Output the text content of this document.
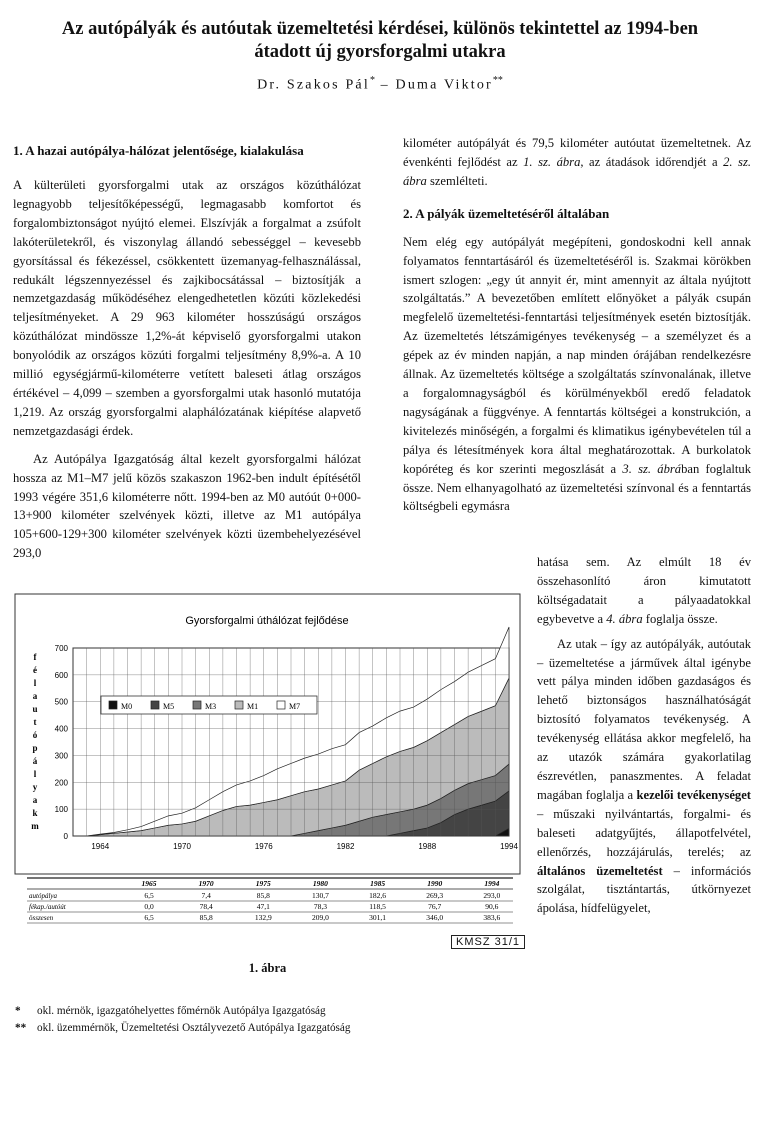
Az autópályák és autóutak üzemeltetési kérdései, különös tekintettel az 1994-ben
átadott új gyorsforgalmi utakra
Dr. Szakos Pál* – Duma Viktor**
1. A hazai autópálya-hálózat jelentősége, kialakulása

A külterületi gyorsforgalmi utak az országos közúthálózat legnagyobb teljesítőképességű, legmagasabb komfortot és forgalombiztonságot nyújtó elemei. Elszívják a forgalmat a zsúfolt lakóterületekről, és viszonylag állandó sebességgel – kevesebb gyorsítással és fékezéssel, csökkentett üzemanyag-felhasználással, redukált légszennyezéssel és zajkibocsátással – biztosítják a nemzetgazdaság működéséhez elengedhetetlen közúti közlekedési teljesítményeket. A 29 963 kilométer hosszúságú országos közúthálózat mindössze 1,2%-át képviselő gyorsforgalmi utakon bonyolódik az országos közúti forgalmi teljesítmény 8,9%-a. A 10 millió egységjármű-kilométerre vetített baleseti átlag országos értékével – 4,099 – szemben a gyorsforgalmi utak hasonló mutatója 1,219. Az ország gyorsforgalmi alaphálózatának kiépítése alapvető nemzetgazdasági érdek.

Az Autópálya Igazgatóság által kezelt gyorsforgalmi hálózat hossza az M1–M7 jelű közös szakaszon 1962-ben indult építésétől 1993 végére 351,6 kilométerre nőtt. 1994-ben az M0 autóút 0+000-13+900 kilométer szelvények közti, illetve az M1 autópálya 105+600-129+300 kilométer szelvények közti üzembehelyezésével 293,0

kilométer autópályát és 79,5 kilométer autóutat üzemeltetnek. Az évenkénti fejlődést az 1. sz. ábra, az átadások időrendjét a 2. sz. ábra szemlélteti.

2. A pályák üzemeltetéséről általában

Nem elég egy autópályát megépíteni, gondoskodni kell annak folyamatos fenntartásáról és üzemeltetéséről is. Szakmai körökben ismert szlogen: „egy út annyit ér, mint amennyit az általa nyújtott szolgáltatás.” A bevezetőben említett előnyöket a pályák csupán megfelelő üzemeltetési-fenntartási teljesítmények esetén biztosítják. Az üzemeltetés létszámigényes tevékenység – a személyzet és a gépek az év minden napján, a nap minden órájában rendelkezésre állnak. Az üzemeltetés költsége a szolgáltatás színvonalának, illetve a forgalomnagyságból és körülményekből eredő feladatok nagyságának a függvénye. A fenntartás költségei a konstrukción, a kivitelezés minőségén, a forgalmi és klimatikus igénybevételen túl a pálya és létesítmények kora által meghatározottak. A burkolatok kopóréteg és kor szerinti megoszlását a 3. sz. ábrában foglaltuk össze. Nem elhanyagolható az üzemeltetési színvonal és a fenntartás költségbeli egymásra

hatása sem. Az elmúlt 18 év összehasonlító áron kimutatott költségadatait a pályaadatokkal egybevetve a 4. ábra foglalja össze.

Az utak – így az autópályák, autóutak – üzemeltetése a járművek által igénybe vett pálya minden időben gazdaságos és lehető biztonságos használhatóságát biztosító folyamatos tevékenység. A tevékenység ellátása akkor megfelelő, ha az utazók számára gyakorlatilag észrevétlen, panaszmentes. A feladat magában foglalja a kezelői tevékenységet – műszaki nyilvántartás, forgalmi- és baleseti adatgyűjtés, állapotfelvétel, ellenőrzés, hozzájárulás, terelés; az általános üzemeltetést – információs szolgálat, tisztántartás, útkörnyezet ápolása, hídfelügyelet,

Gyorsforgalmi úthálózat fejlődése
0
100
200
300
400
500
600
700
1964	1970	1976	1982	1988	1994
f
é
l
a
u
t
ó
p
á
l
y
a
k
m
M0	M5	M3	M1	M7
1965	1970	1975	1980	1985	1990	1994
autópálya	6,5	7,4	85,8	130,7	182,6	269,3	293,0
fékap./autóút	0,0	78,4	47,1	78,3	118,5	76,7	90,6
összesen	6,5	85,8	132,9	209,0	301,1	346,0	383,6
KMSZ 31/1
1. ábra
* okl. mérnök, igazgatóhelyettes főmérnök Autópálya Igazgatóság
** okl. üzemmérnök, Üzemeltetési Osztályvezető Autópálya Igazgatóság
